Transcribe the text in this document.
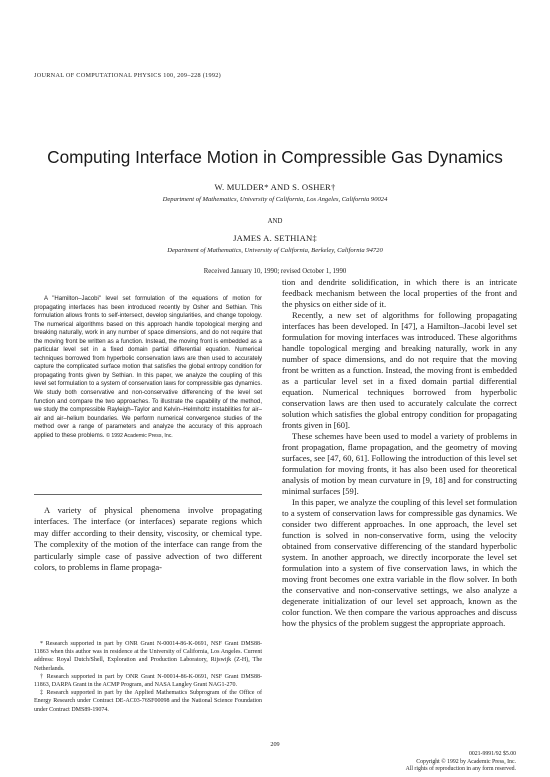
JOURNAL OF COMPUTATIONAL PHYSICS 100, 209–228 (1992)
Computing Interface Motion in Compressible Gas Dynamics
W. MULDER* AND S. OSHER†
Department of Mathematics, University of California, Los Angeles, California 90024
AND
JAMES A. SETHIAN‡
Department of Mathematics, University of California, Berkeley, California 94720
Received January 10, 1990; revised October 1, 1990
A "Hamilton–Jacobi" level set formulation of the equations of motion for propagating interfaces has been introduced recently by Osher and Sethian. This formulation allows fronts to self-intersect, develop singularities, and change topology. The numerical algorithms based on this approach handle topological merging and breaking naturally, work in any number of space dimensions, and do not require that the moving front be written as a function. Instead, the moving front is embedded as a particular level set in a fixed domain partial differential equation. Numerical techniques borrowed from hyperbolic conservation laws are then used to accurately capture the complicated surface motion that satisfies the global entropy condition for propagating fronts given by Sethian. In this paper, we analyze the coupling of this level set formulation to a system of conservation laws for compressible gas dynamics. We study both conservative and non-conservative differencing of the level set function and compare the two approaches. To illustrate the capability of the method, we study the compressible Rayleigh–Taylor and Kelvin–Helmholtz instabilities for air–air and air–helium boundaries. We perform numerical convergence studies of the method over a range of parameters and analyze the accuracy of this approach applied to these problems. © 1992 Academic Press, Inc.
A variety of physical phenomena involve propagating interfaces. The interface (or interfaces) separate regions which may differ according to their density, viscosity, or chemical type. The complexity of the motion of the interface can range from the particularly simple case of passive advection of two different colors, to problems in flame propaga-

* Research supported in part by ONR Grant N-00014-86-K-0691, NSF Grant DMS88-11863 when this author was in residence at the University of California, Los Angeles. Current address: Royal Dutch/Shell, Exploration and Production Laboratory, Rijswijk (Z-H), The Netherlands.

† Research supported in part by ONR Grant N-00014-86-K-0691, NSF Grant DMS88-11863, DARPA Grant in the ACMP Program, and NASA Langley Grant NAG1-270.

‡ Research supported in part by the Applied Mathematics Subprogram of the Office of Energy Research under Contract DE-AC03-76SF00098 and the National Science Foundation under Contract DMS89-19074.

tion and dendrite solidification, in which there is an intricate feedback mechanism between the local properties of the front and the physics on either side of it.

Recently, a new set of algorithms for following propagating interfaces has been developed. In [47], a Hamilton–Jacobi level set formulation for moving interfaces was introduced. These algorithms handle topological merging and breaking naturally, work in any number of space dimensions, and do not require that the moving front be written as a function. Instead, the moving front is embedded as a particular level set in a fixed domain partial differential equation. Numerical techniques borrowed from hyperbolic conservation laws are then used to accurately calculate the correct solution which satisfies the global entropy condition for propagating fronts given in [60].

These schemes have been used to model a variety of problems in front propagation, flame propagation, and the geometry of moving surfaces, see [47, 60, 61]. Following the introduction of this level set formulation for moving fronts, it has also been used for theoretical analysis of motion by mean curvature in [9, 18] and for constructing minimal surfaces [59].

In this paper, we analyze the coupling of this level set formulation to a system of conservation laws for compressible gas dynamics. We consider two different approaches. In one approach, the level set function is solved in non-conservative form, using the velocity obtained from conservative differencing of the standard hyperbolic system. In another approach, we directly incorporate the level set formulation into a system of five conservation laws, in which the moving front becomes one extra variable in the flow solver. In both the conservative and non-conservative settings, we also analyze a degenerate initialization of our level set approach, known as the color function. We then compare the various approaches and discuss how the physics of the problem suggest the appropriate approach.

209
0021-9991/92 $5.00
Copyright © 1992 by Academic Press, Inc.
All rights of reproduction in any form reserved.
